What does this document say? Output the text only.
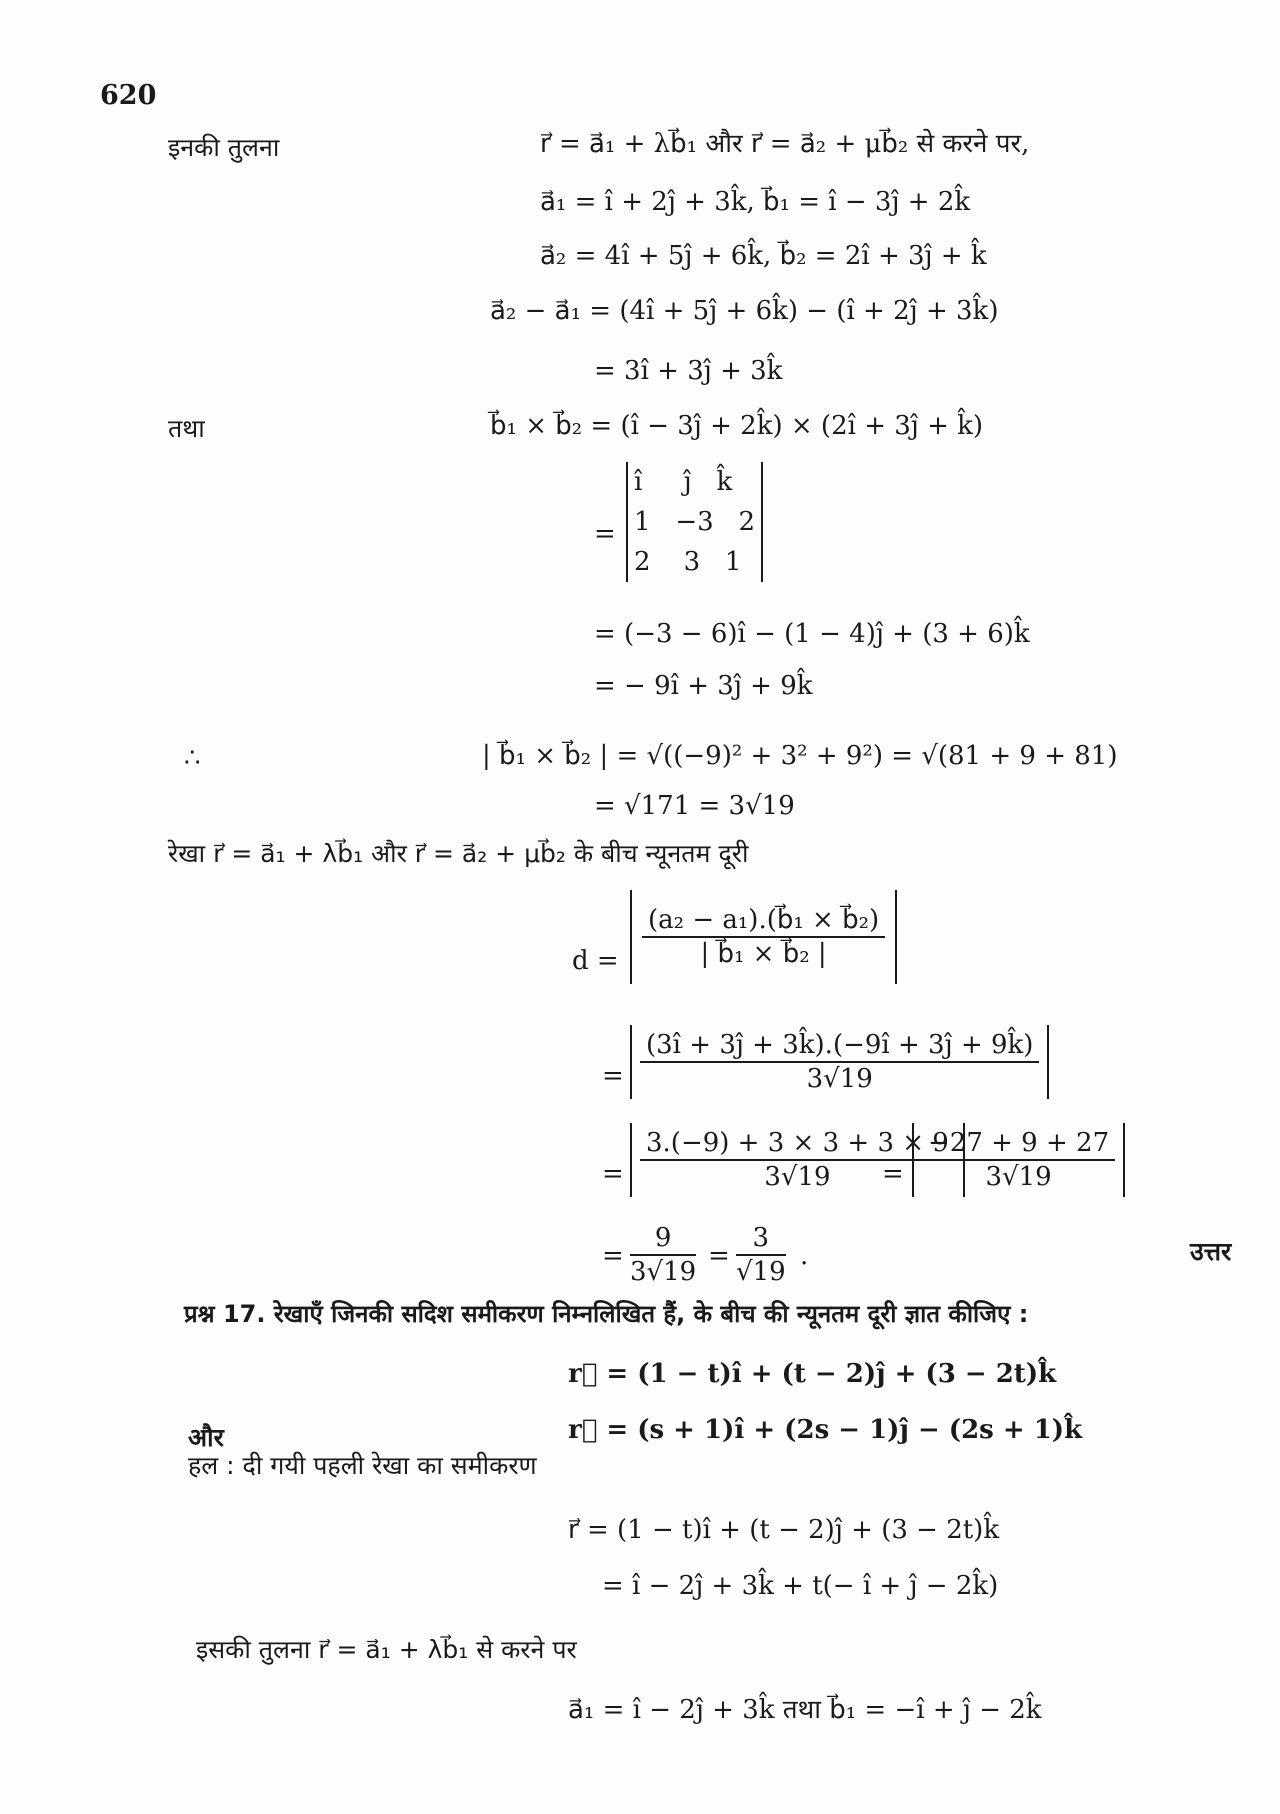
620
इनकी तुलना	r⃗ = a⃗₁ + λb⃗₁ और r⃗ = a⃗₂ + μb⃗₂ से करने पर,
a⃗₁ = î + 2ĵ + 3k̂, b⃗₁ = î − 3ĵ + 2k̂
a⃗₂ = 4î + 5ĵ + 6k̂, b⃗₂ = 2î + 3ĵ + k̂
a⃗₂ − a⃗₁ = (4î + 5ĵ + 6k̂) − (î + 2ĵ + 3k̂)
= 3î + 3ĵ + 3k̂
तथा	b⃗₁ × b⃗₂ = (î − 3ĵ + 2k̂) × (2î + 3ĵ + k̂)
=
î     ĵ   k̂
1   −3   2
2    3   1
= (−3 − 6)î − (1 − 4)ĵ + (3 + 6)k̂
= − 9î + 3ĵ + 9k̂
∴	| b⃗₁ × b⃗₂ | = √((−9)² + 3² + 9²) = √(81 + 9 + 81)
= √171 = 3√19
रेखा r⃗ = a⃗₁ + λb⃗₁ और r⃗ = a⃗₂ + μb⃗₂ के बीच न्यूनतम दूरी
$d = \frac{\text{(a₂ − a₁).(b⃗₁ × b⃗₂)}}{\text{| b⃗₁ × b⃗₂ |}}$
= $\frac{(3î + 3ĵ + 3k̂).(-9î + 3ĵ + 9k̂)}{3√19}$
= $\frac{3.(-9) + 3 \times 3 + 3 \times 9}{3√19}$
= $\frac{-27 + 9 + 27}{3√19}$
= $\frac{9}{3√19} = \frac{3}{√19}$ .	उत्तर
प्रश्न 17. रेखाएँ जिनकी सदिश समीकरण निम्नलिखित हैं, के बीच की न्यूनतम दूरी ज्ञात कीजिए :
r⃗ = (1 − t)î + (t − 2)ĵ + (3 − 2t)k̂
और	r⃗ = (s + 1)î + (2s − 1)ĵ − (2s + 1)k̂
हल : दी गयी पहली रेखा का समीकरण
r⃗ = (1 − t)î + (t − 2)ĵ + (3 − 2t)k̂
= î − 2ĵ + 3k̂ + t(− î + ĵ − 2k̂)
इसकी तुलना r⃗ = a⃗₁ + λb⃗₁ से करने पर
a⃗₁ = î − 2ĵ + 3k̂ तथा b⃗₁ = −î + ĵ − 2k̂
